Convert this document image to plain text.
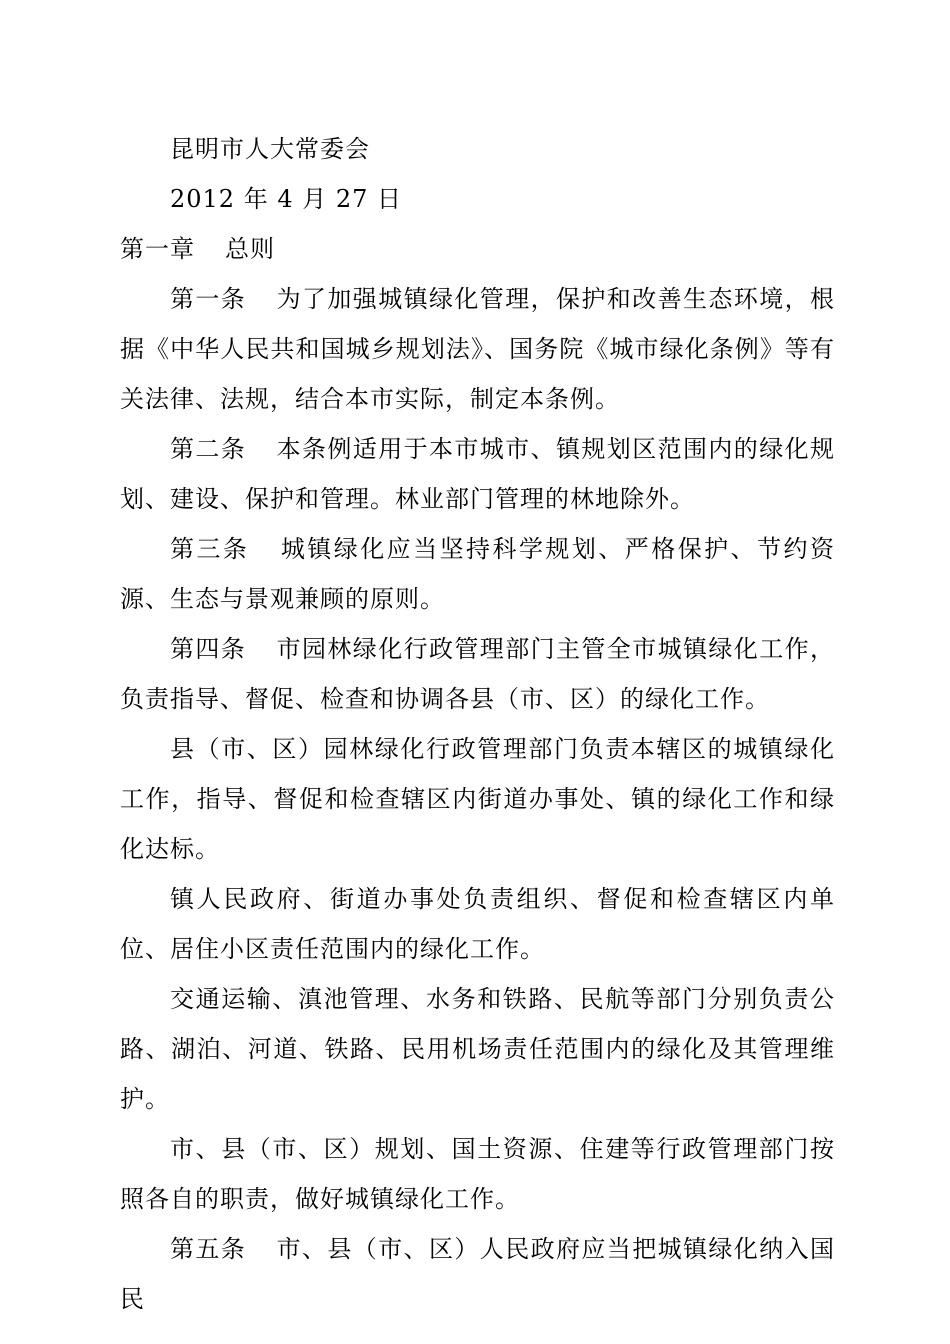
昆明市人大常委会

2012 年 4 月 27 日

第一章 总则

第一条 为了加强城镇绿化管理，保护和改善生态环境，根据《中华人民共和国城乡规划法》、国务院《城市绿化条例》等有关法律、法规，结合本市实际，制定本条例。

第二条 本条例适用于本市城市、镇规划区范围内的绿化规划、建设、保护和管理。林业部门管理的林地除外。

第三条 城镇绿化应当坚持科学规划、严格保护、节约资源、生态与景观兼顾的原则。

第四条 市园林绿化行政管理部门主管全市城镇绿化工作，负责指导、督促、检查和协调各县（市、区）的绿化工作。

县（市、区）园林绿化行政管理部门负责本辖区的城镇绿化工作，指导、督促和检查辖区内街道办事处、镇的绿化工作和绿化达标。

镇人民政府、街道办事处负责组织、督促和检查辖区内单位、居住小区责任范围内的绿化工作。

交通运输、滇池管理、水务和铁路、民航等部门分别负责公路、湖泊、河道、铁路、民用机场责任范围内的绿化及其管理维护。

市、县（市、区）规划、国土资源、住建等行政管理部门按照各自的职责，做好城镇绿化工作。

第五条 市、县（市、区）人民政府应当把城镇绿化纳入国民
